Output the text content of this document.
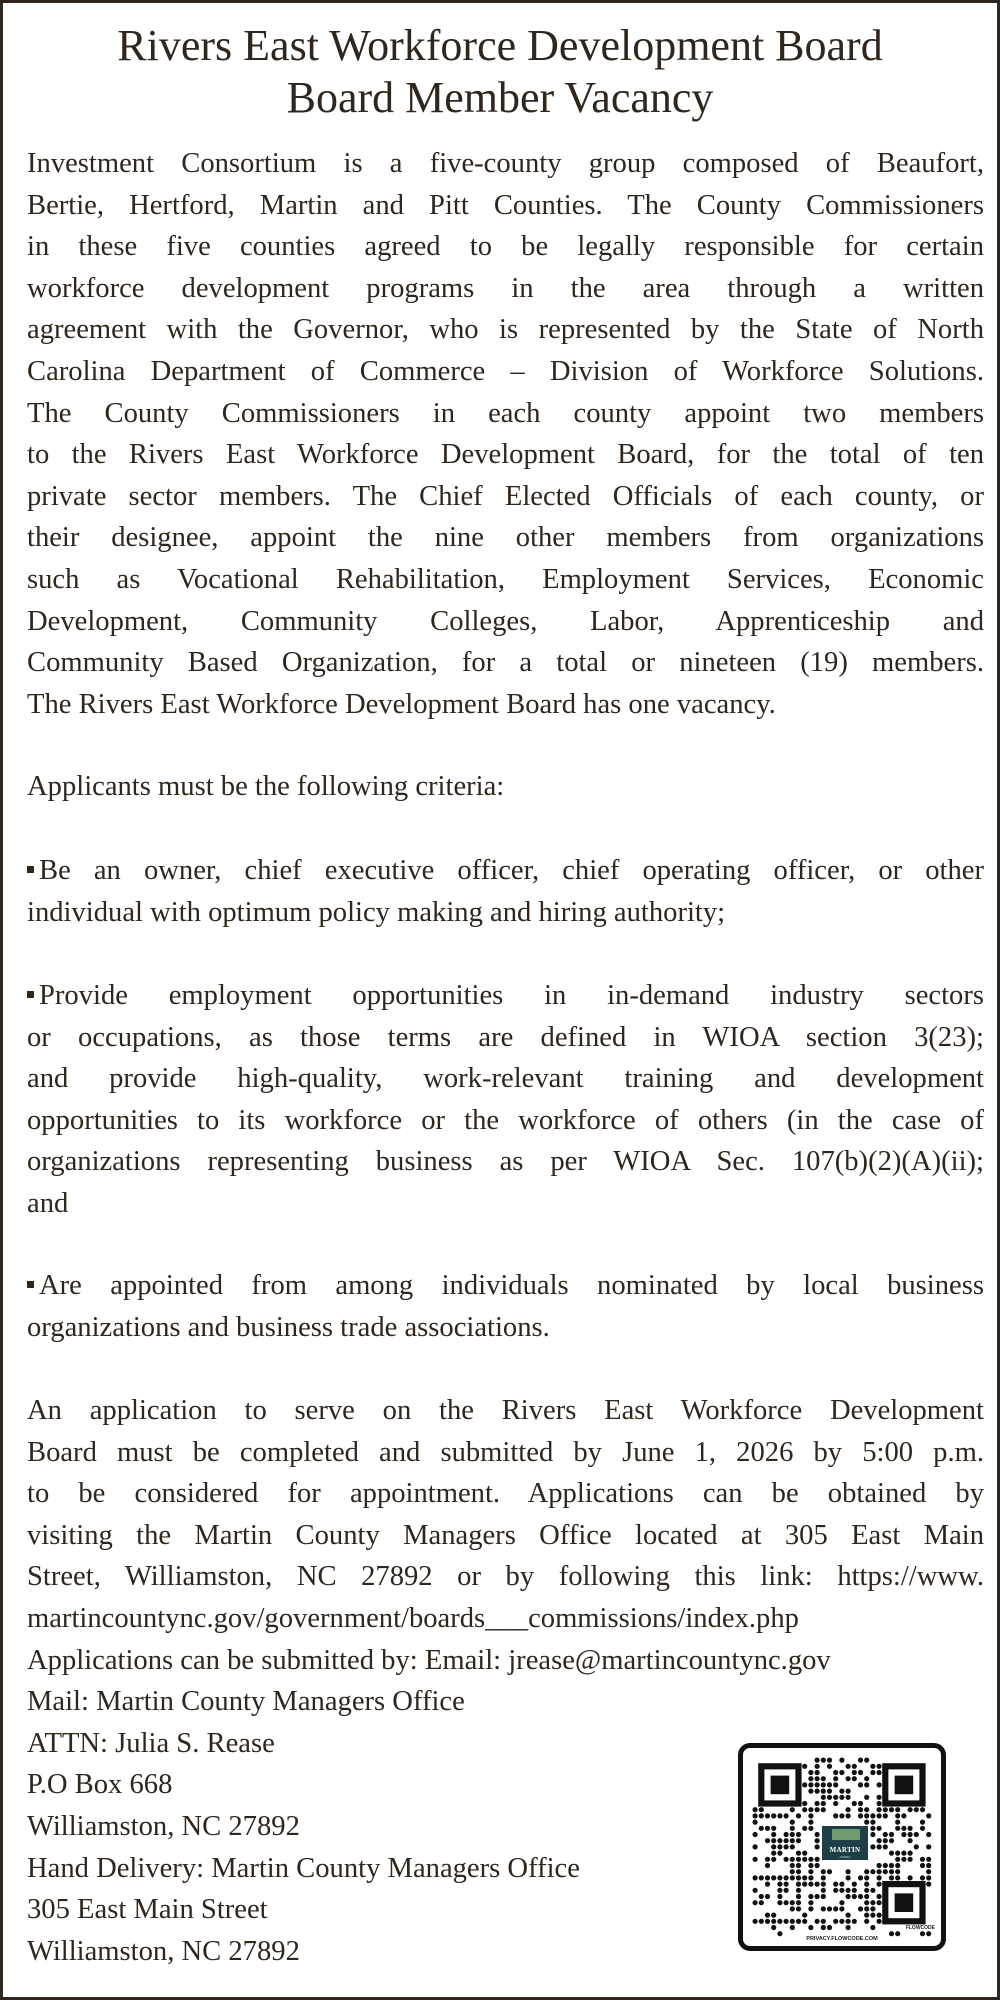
Rivers East Workforce Development Board
Board Member Vacancy
Investment Consortium is a five-county group composed of Beaufort,
Bertie, Hertford, Martin and Pitt Counties. The County Commissioners
in these five counties agreed to be legally responsible for certain
workforce development programs in the area through a written
agreement with the Governor, who is represented by the State of North
Carolina Department of Commerce – Division of Workforce Solutions.
The County Commissioners in each county appoint two members
to the Rivers East Workforce Development Board, for the total of ten
private sector members. The Chief Elected Officials of each county, or
their designee, appoint the nine other members from organizations
such as Vocational Rehabilitation, Employment Services, Economic
Development, Community Colleges, Labor, Apprenticeship and
Community Based Organization, for a total or nineteen (19) members.
The Rivers East Workforce Development Board has one vacancy.
Applicants must be the following criteria:
Be an owner, chief executive officer, chief operating officer, or other
individual with optimum policy making and hiring authority;
Provide employment opportunities in in-demand industry sectors
or occupations, as those terms are defined in WIOA section 3(23);
and provide high-quality, work-relevant training and development
opportunities to its workforce or the workforce of others (in the case of
organizations representing business as per WIOA Sec. 107(b)(2)(A)(ii);
and
Are appointed from among individuals nominated by local business
organizations and business trade associations.
An application to serve on the Rivers East Workforce Development
Board must be completed and submitted by June 1, 2026 by 5:00 p.m.
to be considered for appointment. Applications can be obtained by
visiting the Martin County Managers Office located at 305 East Main
Street, Williamston, NC 27892 or by following this link: https://www.
martincountync.gov/government/boards___commissions/index.php
Applications can be submitted by: Email: jrease@martincountync.gov
Mail: Martin County Managers Office
ATTN: Julia S. Rease
P.O Box 668
Williamston, NC 27892
Hand Delivery: Martin County Managers Office
305 East Main Street
Williamston, NC 27892
MARTIN
county
FLOWCODE
PRIVACY.FLOWCODE.COM
